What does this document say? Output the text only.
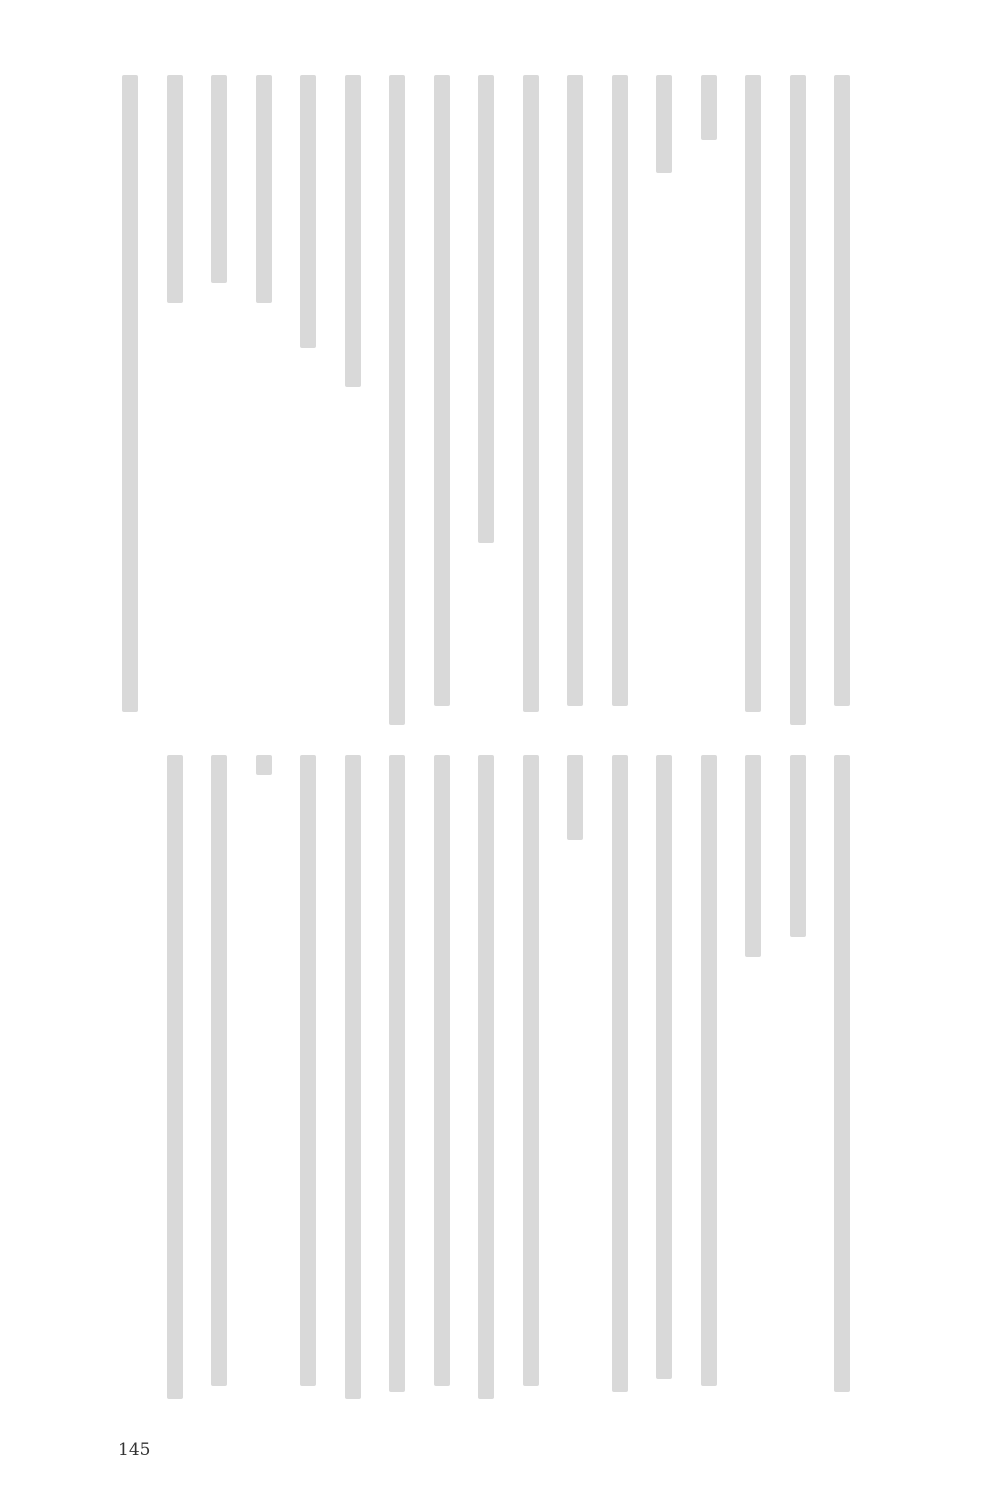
145
